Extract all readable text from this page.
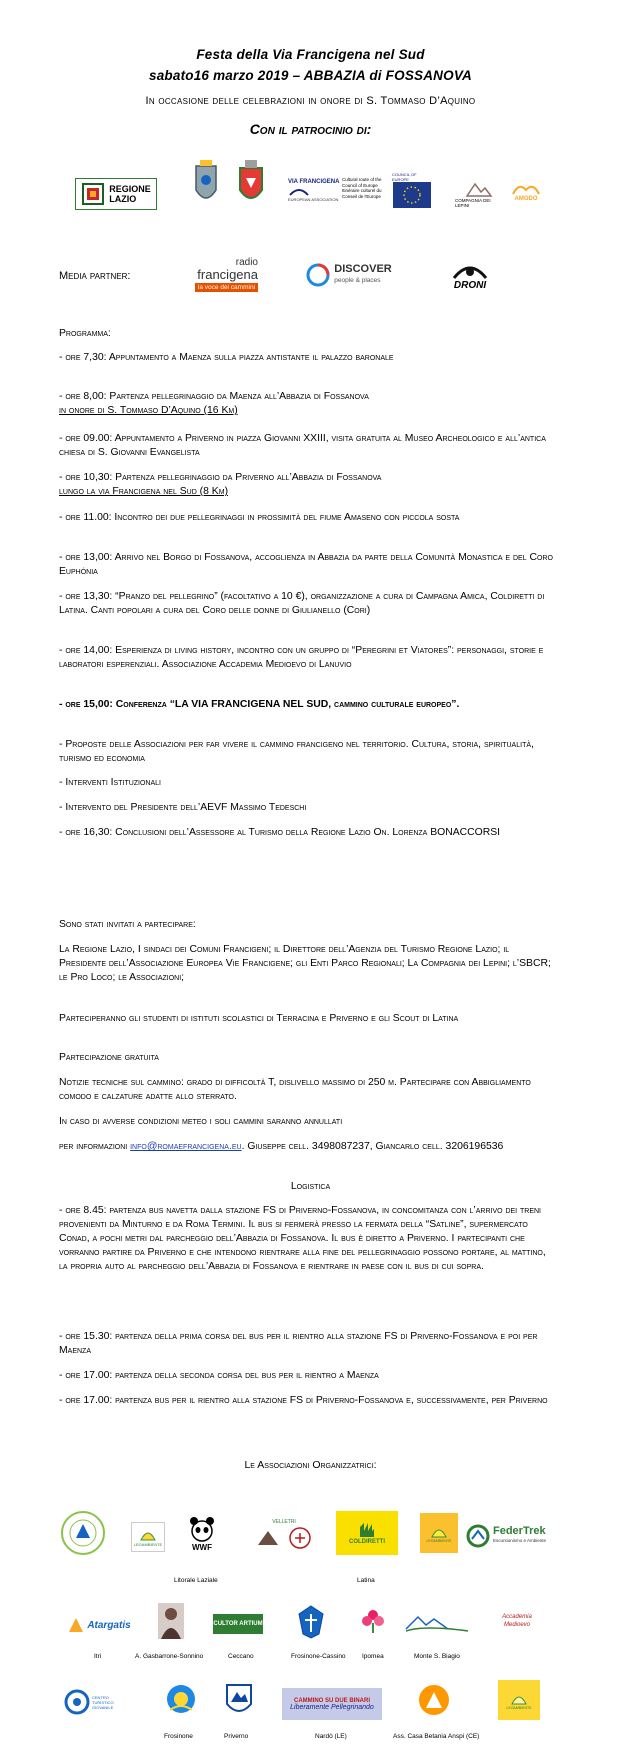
Festa della Via Francigena nel Sud
sabato16 marzo 2019 – ABBAZIA di FOSSANOVA
In occasione delle celebrazioni in onore di S. Tommaso D’Aquino
Con il patrocinio di:
REGIONE
LAZIO
VIA FRANCIGENA
EUROPEAN ASSOCIATION
Cultural route of the Council of Europe Itinéraire culturel du Conseil de l'Europe
COUNCIL OF EUROPE
COMPAGNIA DEI LEPINI
AMODO
Media partner:
radio
francigena
la voce dei cammini
DISCOVER
people & places	DRONI
Programma:
- ore 7,30: Appuntamento a Maenza sulla piazza antistante il palazzo baronale
- ore 8,00: Partenza pellegrinaggio da Maenza all’Abbazia di Fossanova
in onore di S. Tommaso D’Aquino (16 Km)
- ore 09.00: Appuntamento a Priverno in piazza Giovanni XXIII, visita gratuita al Museo Archeologico e all’antica chiesa di S. Giovanni Evangelista
- ore 10,30: Partenza pellegrinaggio da Priverno all’Abbazia di Fossanova
lungo la via Francigena nel Sud (8 Km)
- ore 11.00: Incontro dei due pellegrinaggi in prossimità del fiume Amaseno con piccola sosta
- ore 13,00: Arrivo nel Borgo di Fossanova, accoglienza in Abbazia da parte della Comunità Monastica e del Coro Euphónia
- ore 13,30: “Pranzo del pellegrino” (facoltativo a 10 €), organizzazione a cura di Campagna Amica, Coldiretti di Latina. Canti popolari a cura del Coro delle donne di Giulianello (Cori)
- ore 14,00: Esperienza di living history, incontro con un gruppo di “Peregrini et Viatores”: personaggi, storie e laboratori esperenziali. Associazione Accademia Medioevo di Lanuvio
- ore 15,00: Conferenza “LA VIA FRANCIGENA NEL SUD, cammino culturale europeo”.
- Proposte delle Associazioni per far vivere il cammino francigeno nel territorio. Cultura, storia, spiritualità, turismo ed economia
- Interventi Istituzionali
- Intervento del Presidente dell’AEVF Massimo Tedeschi
- ore 16,30: Conclusioni dell’Assessore al Turismo della Regione Lazio On. Lorenza BONACCORSI
Sono stati invitati a partecipare:
La Regione Lazio, I sindaci dei Comuni Francigeni; il Direttore dell’Agenzia del Turismo Regione Lazio; il Presidente dell’Associazione Europea Vie Francigene; gli Enti Parco Regionali; La Compagnia dei Lepini; l’SBCR; le Pro Loco; le Associazioni;
Parteciperanno gli studenti di istituti scolastici di Terracina e Priverno e gli Scout di Latina
Partecipazione gratuita
Notizie tecniche sul cammino: grado di difficoltà T, dislivello massimo di 250 m. Partecipare con Abbigliamento comodo e calzature adatte allo sterrato.
In caso di avverse condizioni meteo i soli cammini saranno annullati
per informazioni info@romaefrancigena.eu. Giuseppe cell. 3498087237, Giancarlo cell. 3206196536
Logistica
- ore 8.45: partenza bus navetta dalla stazione FS di Priverno-Fossanova, in concomitanza con l’arrivo dei treni provenienti da Minturno e da Roma Termini. Il bus si fermerà presso la fermata della “Satline”, supermercato Conad, a pochi metri dal parcheggio dell’Abbazia di Fossanova. Il bus è diretto a Priverno. I partecipanti che vorranno partire da Priverno e che intendono rientrare alla fine del pellegrinaggio possono portare, al mattino, la propria auto al parcheggio dell’Abbazia di Fossanova e rientrare in paese con il bus di cui sopra.
- ore 15.30: partenza della prima corsa del bus per il rientro alla stazione FS di Priverno-Fossanova e poi per Maenza
- ore 17.00: partenza della seconda corsa del bus per il rientro a Maenza
- ore 17.00: partenza bus per il rientro alla stazione FS di Priverno-Fossanova e, successivamente, per Priverno
Le Associazioni Organizzatrici:
LEGAMBIENTE	WWF
VELLETRI
COLDIRETTI	LEGAMBIENTE
FederTrek
Escursionismo e Ambiente
Litorale Laziale	Latina
Atargatis	CULTOR ARTIUM
Accademia Medioevo
Itri	A. Gasbarrone-Sonnino	Ceccano	Frosinone-Cassino	Ipomea	Monte S. Biagio
CENTRO TURISTICO GIOVANILE
CAMMINO SU DUE BINARI
Liberamente Pellegrinando	LEGAMBIENTE
Frosinone	Priverno	Nardò (LE)	Ass. Casa Betania Anspi (CE)
